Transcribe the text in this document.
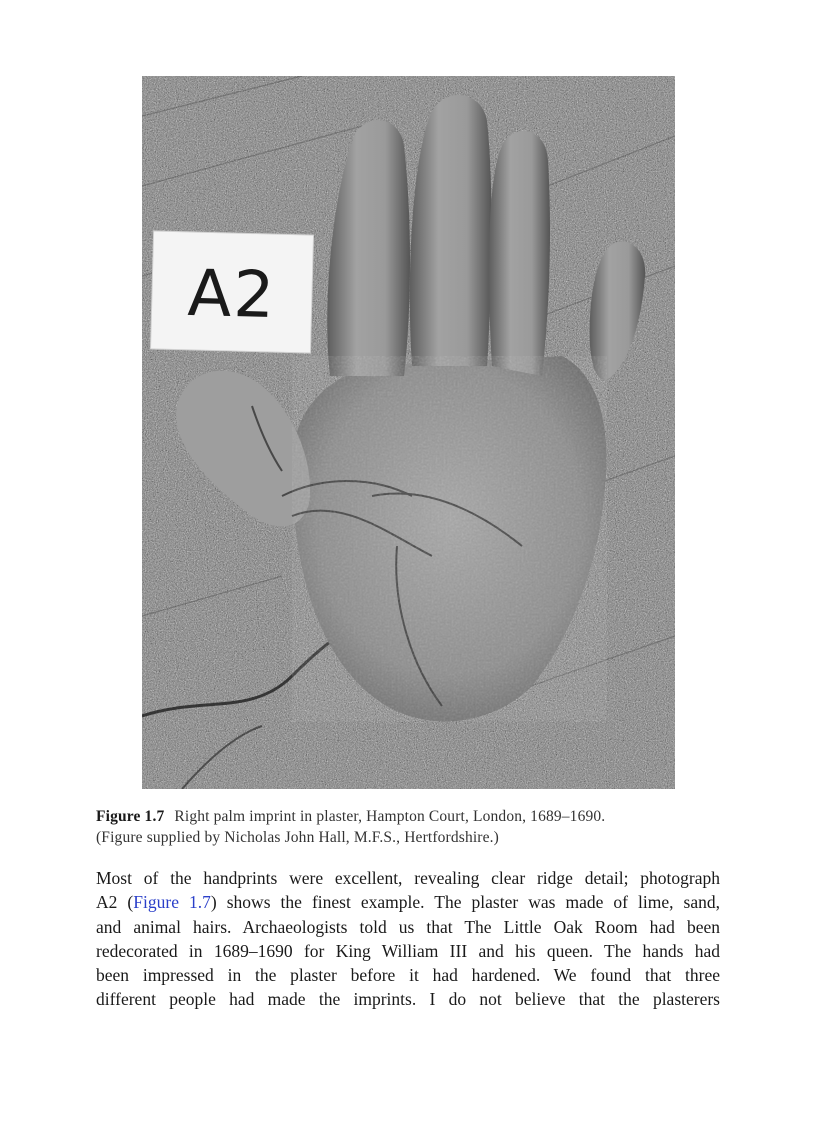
A2
Figure 1.7 Right palm imprint in plaster, Hampton Court, London, 1689–1690.
(Figure supplied by Nicholas John Hall, M.F.S., Hertfordshire.)
Most of the handprints were excellent, revealing clear ridge detail; photograph
A2 (Figure 1.7) shows the finest example. The plaster was made of lime, sand,
and animal hairs. Archaeologists told us that The Little Oak Room had been
redecorated in 1689–1690 for King William III and his queen. The hands had
been impressed in the plaster before it had hardened. We found that three
different people had made the imprints. I do not believe that the plasterers
